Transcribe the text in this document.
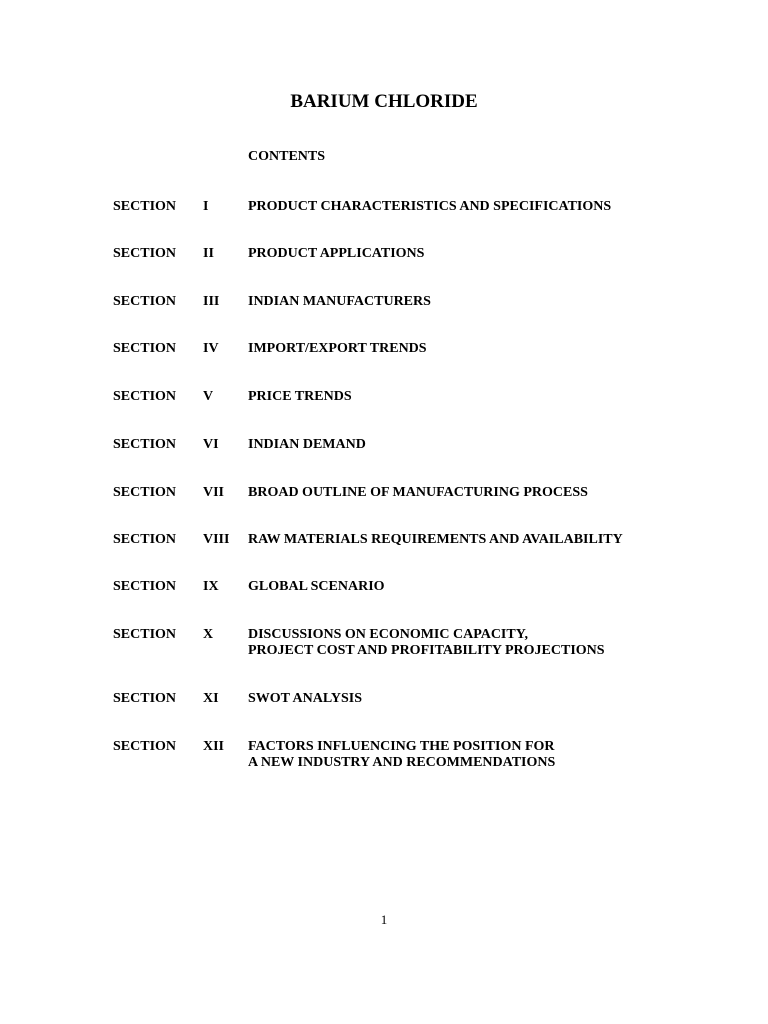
BARIUM CHLORIDE
CONTENTS
SECTION I	PRODUCT CHARACTERISTICS AND SPECIFICATIONS
SECTION II PRODUCT APPLICATIONS
SECTION III INDIAN MANUFACTURERS
SECTION IV IMPORT/EXPORT TRENDS
SECTION V PRICE TRENDS
SECTION VI INDIAN DEMAND
SECTION VII BROAD OUTLINE OF MANUFACTURING PROCESS
SECTION VIII RAW MATERIALS REQUIREMENTS AND AVAILABILITY
SECTION IX GLOBAL SCENARIO
SECTION X DISCUSSIONS ON ECONOMIC CAPACITY,
PROJECT COST AND PROFITABILITY PROJECTIONS
SECTION XI SWOT ANALYSIS
SECTION XII FACTORS INFLUENCING THE POSITION FOR
A NEW INDUSTRY AND RECOMMENDATIONS
1
